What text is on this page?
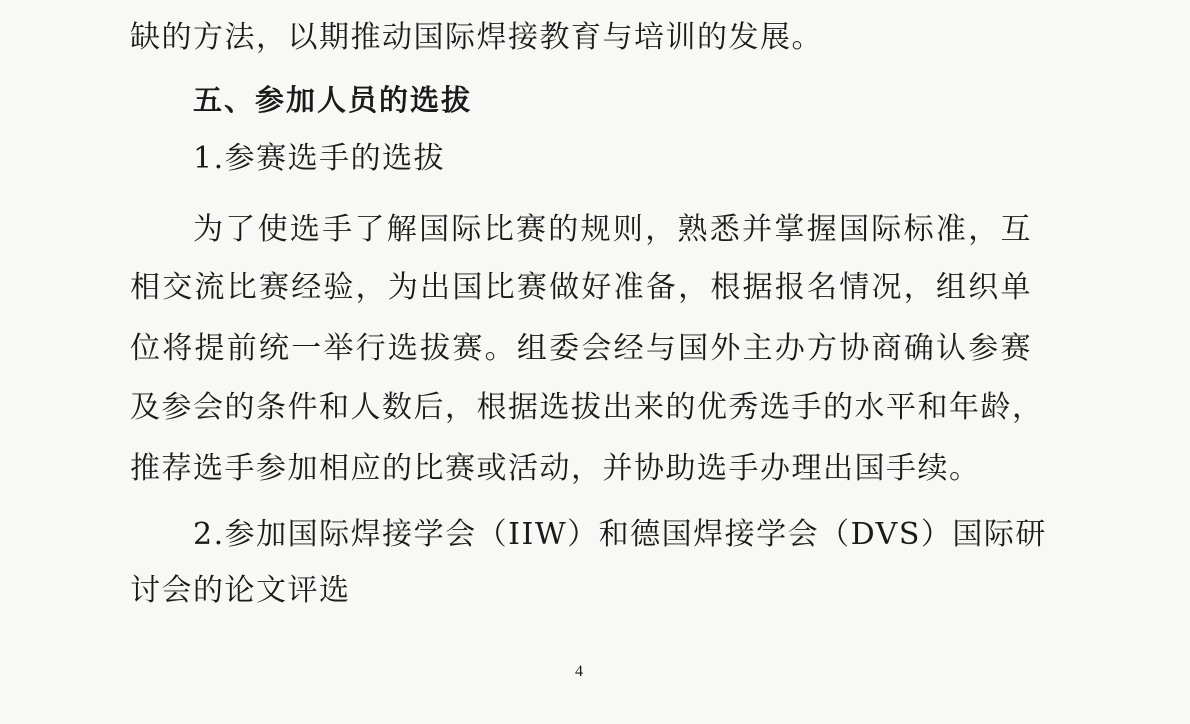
缺的方法，以期推动国际焊接教育与培训的发展。
五、参加人员的选拔
1.参赛选手的选拔
为了使选手了解国际比赛的规则，熟悉并掌握国际标准，互
相交流比赛经验，为出国比赛做好准备，根据报名情况，组织单
位将提前统一举行选拔赛。组委会经与国外主办方协商确认参赛
及参会的条件和人数后，根据选拔出来的优秀选手的水平和年龄，
推荐选手参加相应的比赛或活动，并协助选手办理出国手续。
2.参加国际焊接学会（IIW）和德国焊接学会（DVS）国际研
讨会的论文评选
4
